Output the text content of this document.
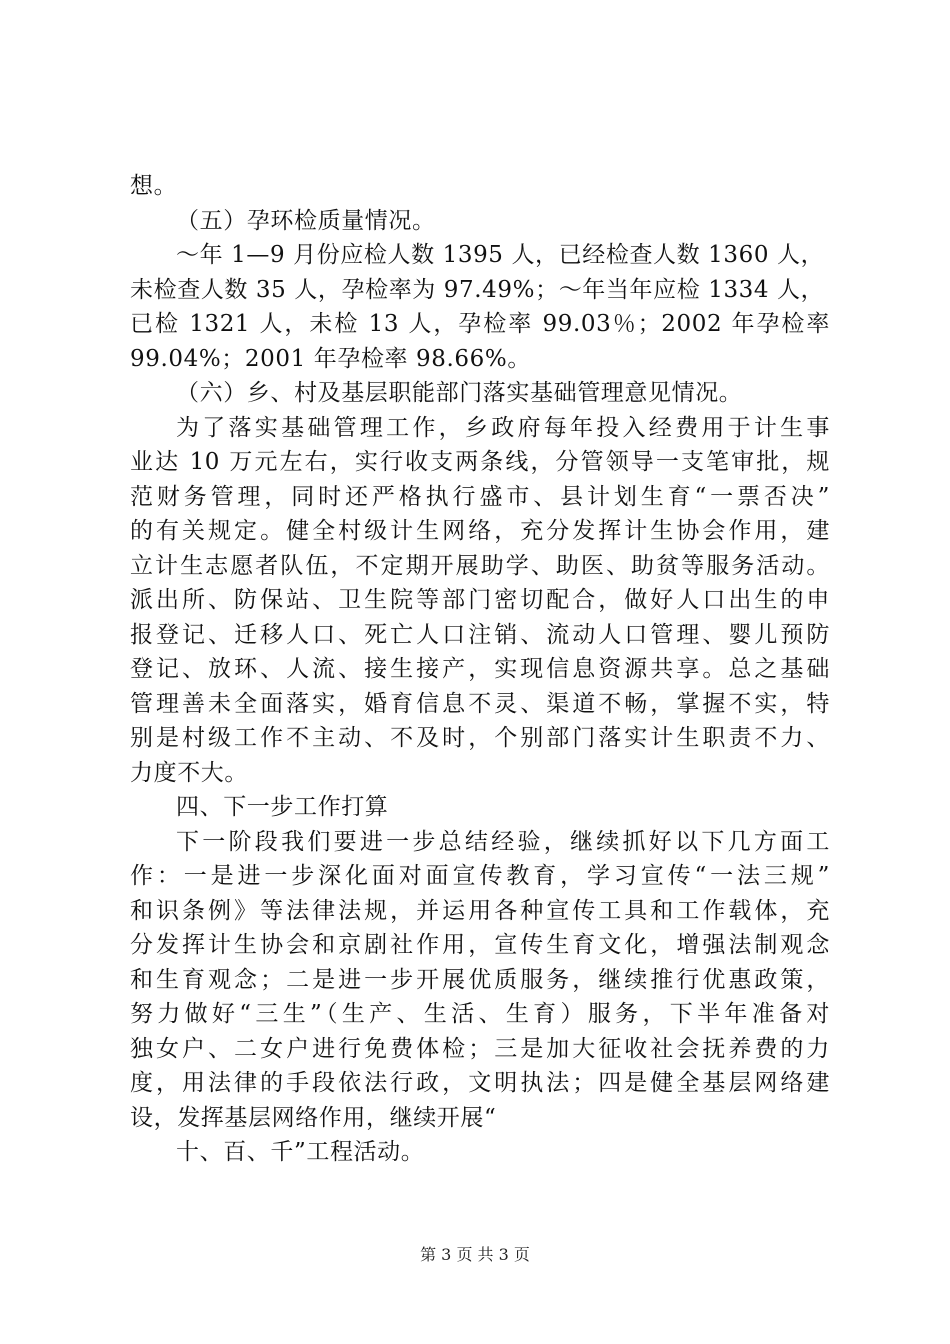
想。
（五）孕环检质量情况。
～年 1—9 月份应检人数 1395 人，已经检查人数 1360 人，
未检查人数 35 人，孕检率为 97.49%；～年当年应检 1334 人，
已检 1321 人，未检 13 人，孕检率 99.03％；2002 年孕检率
99.04%；2001 年孕检率 98.66%。
（六）乡、村及基层职能部门落实基础管理意见情况。
为了落实基础管理工作，乡政府每年投入经费用于计生事
业达 10 万元左右，实行收支两条线，分管领导一支笔审批，规
范财务管理，同时还严格执行盛市、县计划生育“一票否决”
的有关规定。健全村级计生网络，充分发挥计生协会作用，建
立计生志愿者队伍，不定期开展助学、助医、助贫等服务活动。
派出所、防保站、卫生院等部门密切配合，做好人口出生的申
报登记、迁移人口、死亡人口注销、流动人口管理、婴儿预防
登记、放环、人流、接生接产，实现信息资源共享。总之基础
管理善未全面落实，婚育信息不灵、渠道不畅，掌握不实，特
别是村级工作不主动、不及时，个别部门落实计生职责不力、
力度不大。
四、下一步工作打算
下一阶段我们要进一步总结经验，继续抓好以下几方面工
作：一是进一步深化面对面宣传教育，学习宣传“一法三规”
和识条例》等法律法规，并运用各种宣传工具和工作载体，充
分发挥计生协会和京剧社作用，宣传生育文化，增强法制观念
和生育观念；二是进一步开展优质服务，继续推行优惠政策，
努力做好“三生”（生产、生活、生育）服务，下半年准备对
独女户、二女户进行免费体检；三是加大征收社会抚养费的力
度，用法律的手段依法行政，文明执法；四是健全基层网络建
设，发挥基层网络作用，继续开展“
十、百、千”工程活动。
第 3 页 共 3 页
